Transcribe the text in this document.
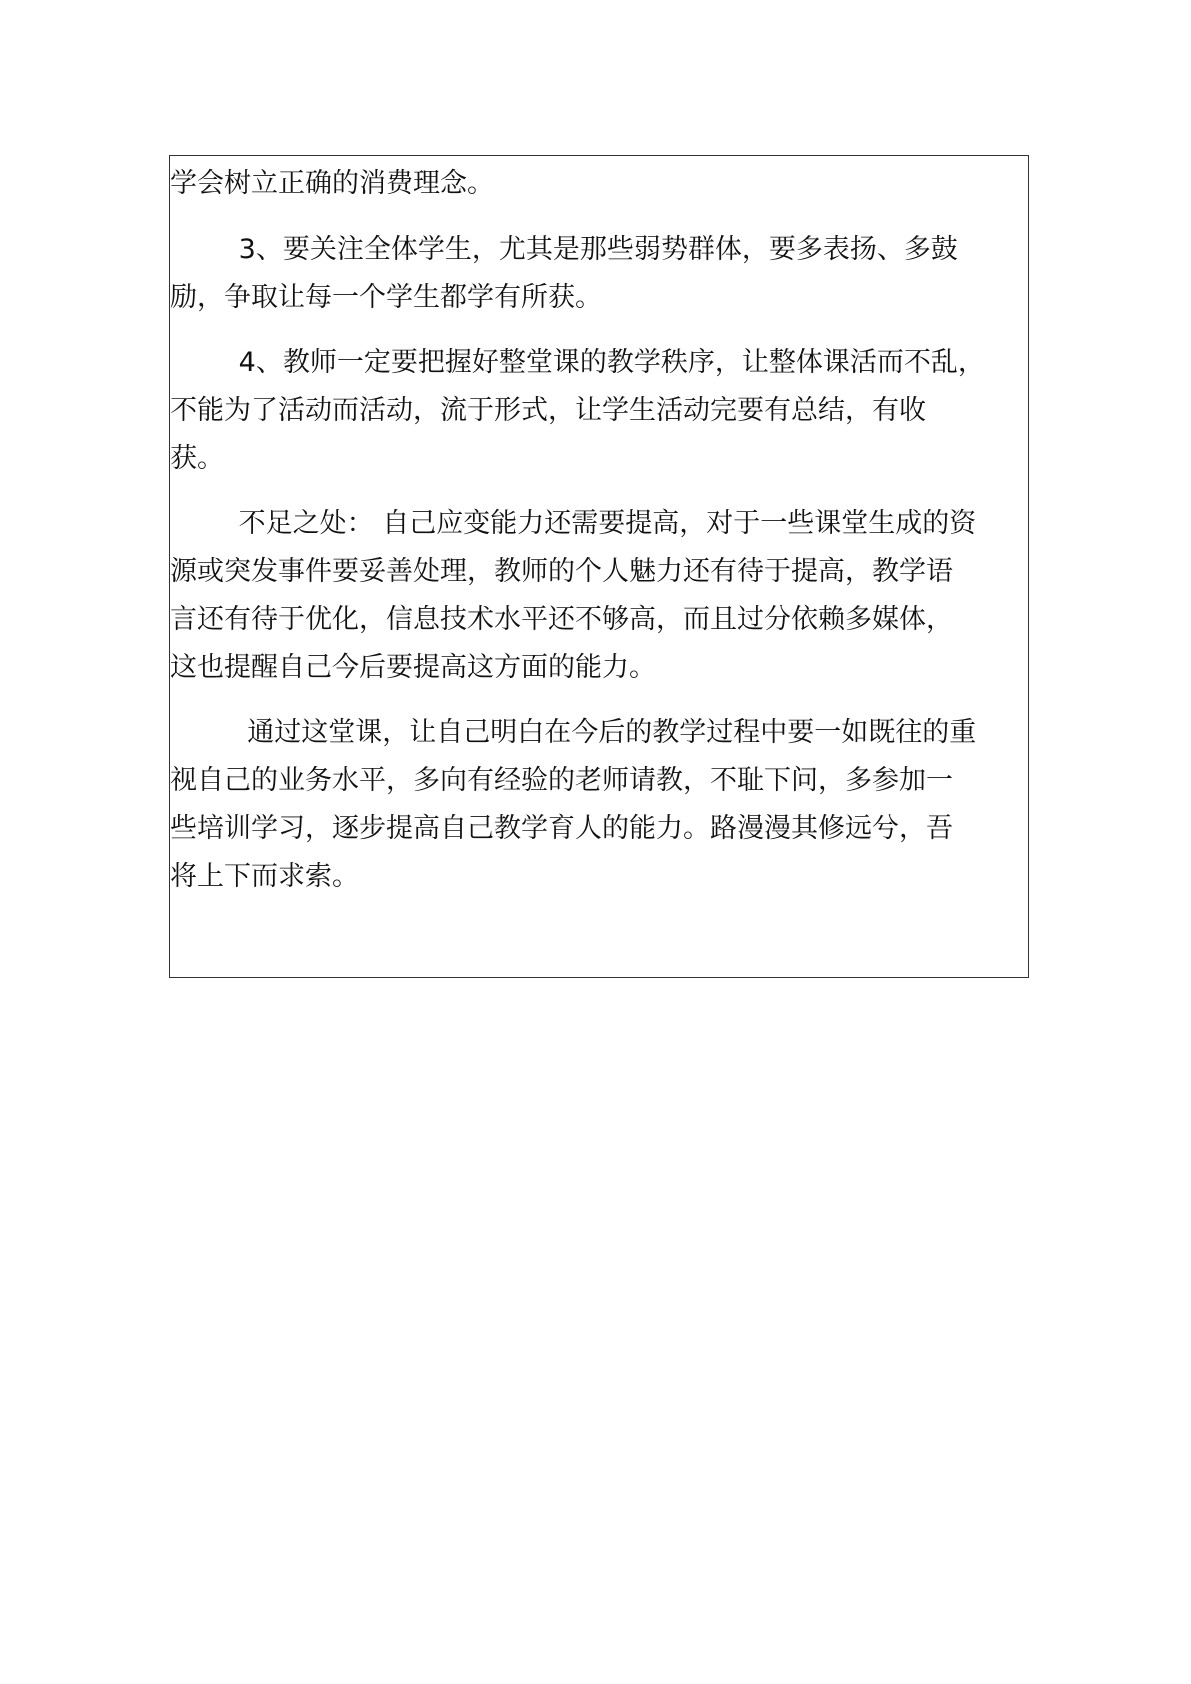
学会树立正确的消费理念。

3、要关注全体学生，尤其是那些弱势群体，要多表扬、多鼓

励，争取让每一个学生都学有所获。

4、教师一定要把握好整堂课的教学秩序，让整体课活而不乱，

不能为了活动而活动，流于形式，让学生活动完要有总结，有收

获。

不足之处： 自己应变能力还需要提高，对于一些课堂生成的资

源或突发事件要妥善处理，教师的个人魅力还有待于提高，教学语

言还有待于优化，信息技术水平还不够高，而且过分依赖多媒体，

这也提醒自己今后要提高这方面的能力。

通过这堂课，让自己明白在今后的教学过程中要一如既往的重

视自己的业务水平，多向有经验的老师请教，不耻下问，多参加一

些培训学习，逐步提高自己教学育人的能力。路漫漫其修远兮，吾

将上下而求索。
